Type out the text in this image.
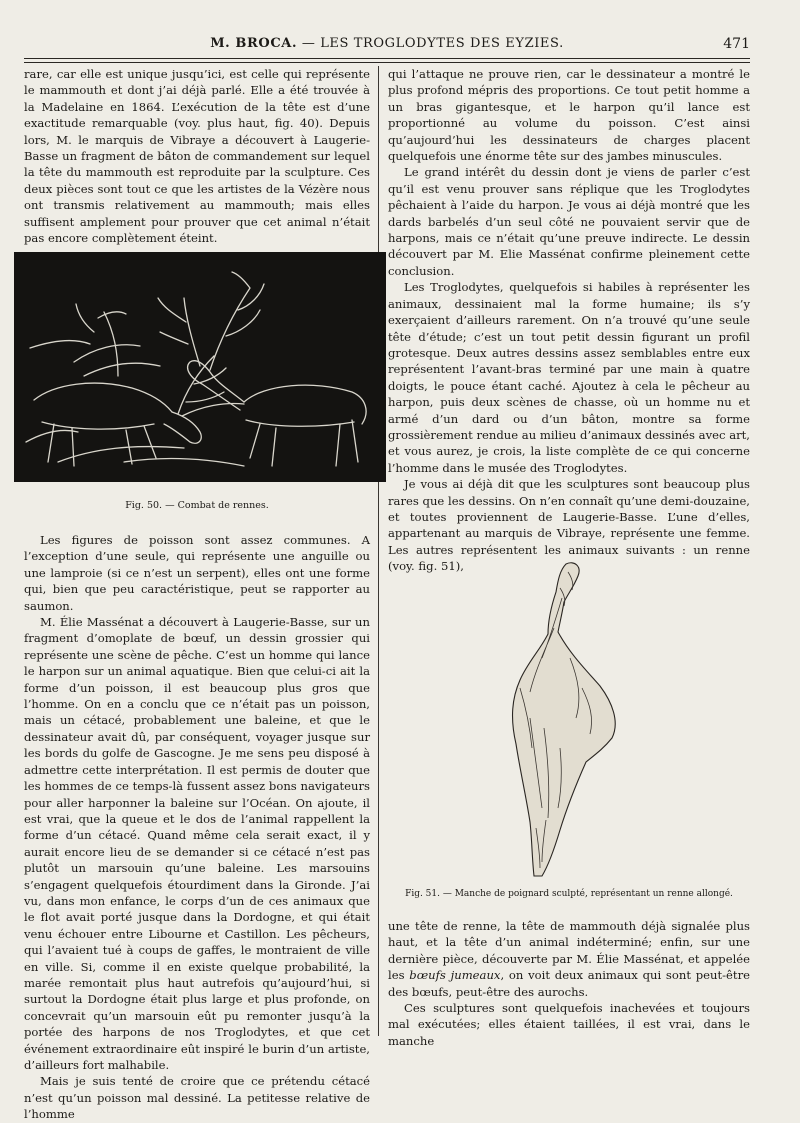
M. BROCA. — LES TROGLODYTES DES EYZIES.	471

rare, car elle est unique jusqu’ici, est celle qui représente le mammouth et dont j’ai déjà parlé. Elle a été trouvée à la Madelaine en 1864. L’exécution de la tête est d’une exactitude remarquable (voy. plus haut, fig. 40). Depuis lors, M. le marquis de Vibraye a découvert à Laugerie-Basse un fragment de bâton de commandement sur lequel la tête du mammouth est reproduite par la sculpture. Ces deux pièces sont tout ce que les artistes de la Vézère nous ont transmis relativement au mammouth; mais elles suffisent amplement pour prouver que cet animal n’était pas encore complètement éteint.

Fig. 50. — Combat de rennes.

Les figures de poisson sont assez communes. A l’exception d’une seule, qui représente une anguille ou une lamproie (si ce n’est un serpent), elles ont une forme qui, bien que peu caractéristique, peut se rapporter au saumon.

M. Élie Massénat a découvert à Laugerie-Basse, sur un fragment d’omoplate de bœuf, un dessin grossier qui représente une scène de pêche. C’est un homme qui lance le harpon sur un animal aquatique. Bien que celui-ci ait la forme d’un poisson, il est beaucoup plus gros que l’homme. On en a conclu que ce n’était pas un poisson, mais un cétacé, probablement une baleine, et que le dessinateur avait dû, par conséquent, voyager jusque sur les bords du golfe de Gascogne. Je me sens peu disposé à admettre cette interprétation. Il est permis de douter que les hommes de ce temps-là fussent assez bons navigateurs pour aller harponner la baleine sur l’Océan. On ajoute, il est vrai, que la queue et le dos de l’animal rappellent la forme d’un cétacé. Quand même cela serait exact, il y aurait encore lieu de se demander si ce cétacé n’est pas plutôt un marsouin qu’une baleine. Les marsouins s’engagent quelquefois étourdiment dans la Gironde. J’ai vu, dans mon enfance, le corps d’un de ces animaux que le flot avait porté jusque dans la Dordogne, et qui était venu échouer entre Libourne et Castillon. Les pêcheurs, qui l’avaient tué à coups de gaffes, le montraient de ville en ville. Si, comme il en existe quelque probabilité, la marée remontait plus haut autrefois qu’aujourd’hui, si surtout la Dordogne était plus large et plus profonde, on concevrait qu’un marsouin eût pu remonter jusqu’à la portée des harpons de nos Troglodytes, et que cet événement extraordinaire eût inspiré le burin d’un artiste, d’ailleurs fort malhabile.

Mais je suis tenté de croire que ce prétendu cétacé n’est qu’un poisson mal dessiné. La petitesse relative de l’homme

qui l’attaque ne prouve rien, car le dessinateur a montré le plus profond mépris des proportions. Ce tout petit homme a un bras gigantesque, et le harpon qu’il lance est proportionné au volume du poisson. C’est ainsi qu’aujourd’hui les dessinateurs de charges placent quelquefois une énorme tête sur des jambes minuscules.

Le grand intérêt du dessin dont je viens de parler c’est qu’il est venu prouver sans réplique que les Troglodytes pêchaient à l’aide du harpon. Je vous ai déjà montré que les dards barbelés d’un seul côté ne pouvaient servir que de harpons, mais ce n’était qu’une preuve indirecte. Le dessin découvert par M. Elie Massénat confirme pleinement cette conclusion.

Les Troglodytes, quelquefois si habiles à représenter les animaux, dessinaient mal la forme humaine; ils s’y exerçaient d’ailleurs rarement. On n’a trouvé qu’une seule tête d’étude; c’est un tout petit dessin figurant un profil grotesque. Deux autres dessins assez semblables entre eux représentent l’avant-bras terminé par une main à quatre doigts, le pouce étant caché. Ajoutez à cela le pêcheur au harpon, puis deux scènes de chasse, où un homme nu et armé d’un dard ou d’un bâton, montre sa forme grossièrement rendue au milieu d’animaux dessinés avec art, et vous aurez, je crois, la liste complète de ce qui concerne l’homme dans le musée des Troglodytes.

Je vous ai déjà dit que les sculptures sont beaucoup plus rares que les dessins. On n’en connaît qu’une demi-douzaine, et toutes proviennent de Laugerie-Basse. L’une d’elles, appartenant au marquis de Vibraye, représente une femme. Les autres représentent les animaux suivants : un renne (voy. fig. 51),

Fig. 51. — Manche de poignard sculpté, représentant un renne allongé.

une tête de renne, la tête de mammouth déjà signalée plus haut, et la tête d’un animal indéterminé; enfin, sur une dernière pièce, découverte par M. Élie Massénat, et appelée les bœufs jumeaux, on voit deux animaux qui sont peut-être des bœufs, peut-être des aurochs.

Ces sculptures sont quelquefois inachevées et toujours mal exécutées; elles étaient taillées, il est vrai, dans le manche
